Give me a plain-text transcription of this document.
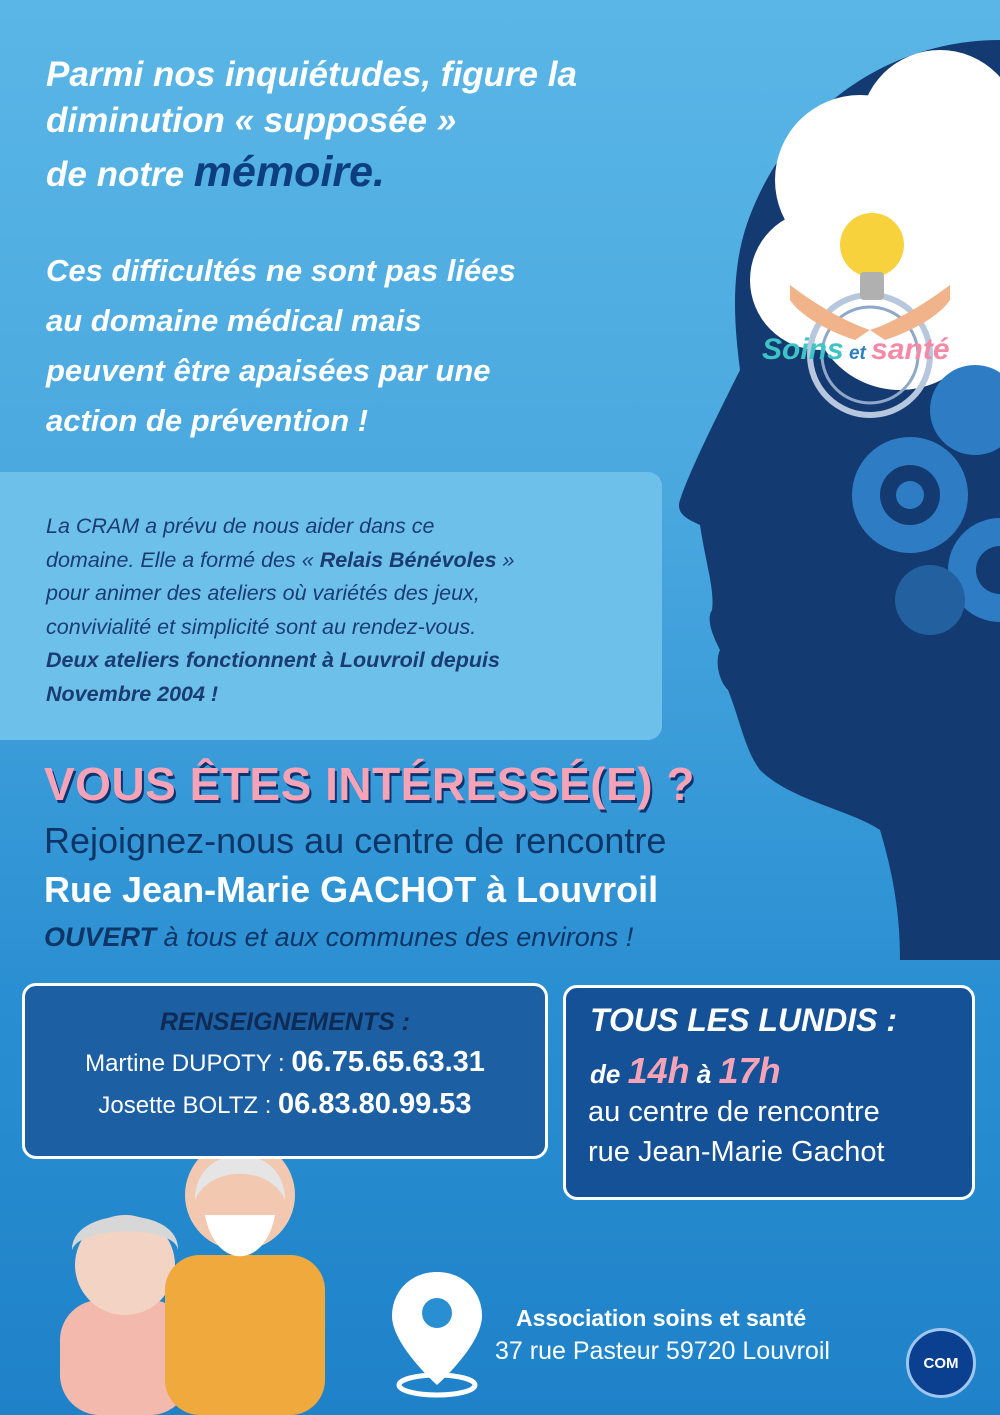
Parmi nos inquiétudes, figure la
diminution « supposée »
de notre mémoire.
Ces difficultés ne sont pas liées
au domaine médical mais
peuvent être apaisées par une
action de prévention !
La CRAM a prévu de nous aider dans ce
domaine. Elle a formé des « Relais Bénévoles »
pour animer des ateliers où variétés des jeux,
convivialité et simplicité sont au rendez-vous.
Deux ateliers fonctionnent à Louvroil depuis
Novembre 2004 !
VOUS ÊTES INTÉRESSÉ(E) ?
Rejoignez-nous au centre de rencontre
Rue Jean-Marie GACHOT à Louvroil
OUVERT à tous et aux communes des environs !
RENSEIGNEMENTS :
Martine DUPOTY : 06.75.65.63.31
Josette BOLTZ : 06.83.80.99.53
TOUS LES LUNDIS :
de 14h à 17h
au centre de rencontre
rue Jean-Marie Gachot
Soins et santé
Association soins et santé
37 rue Pasteur 59720 Louvroil	COM
